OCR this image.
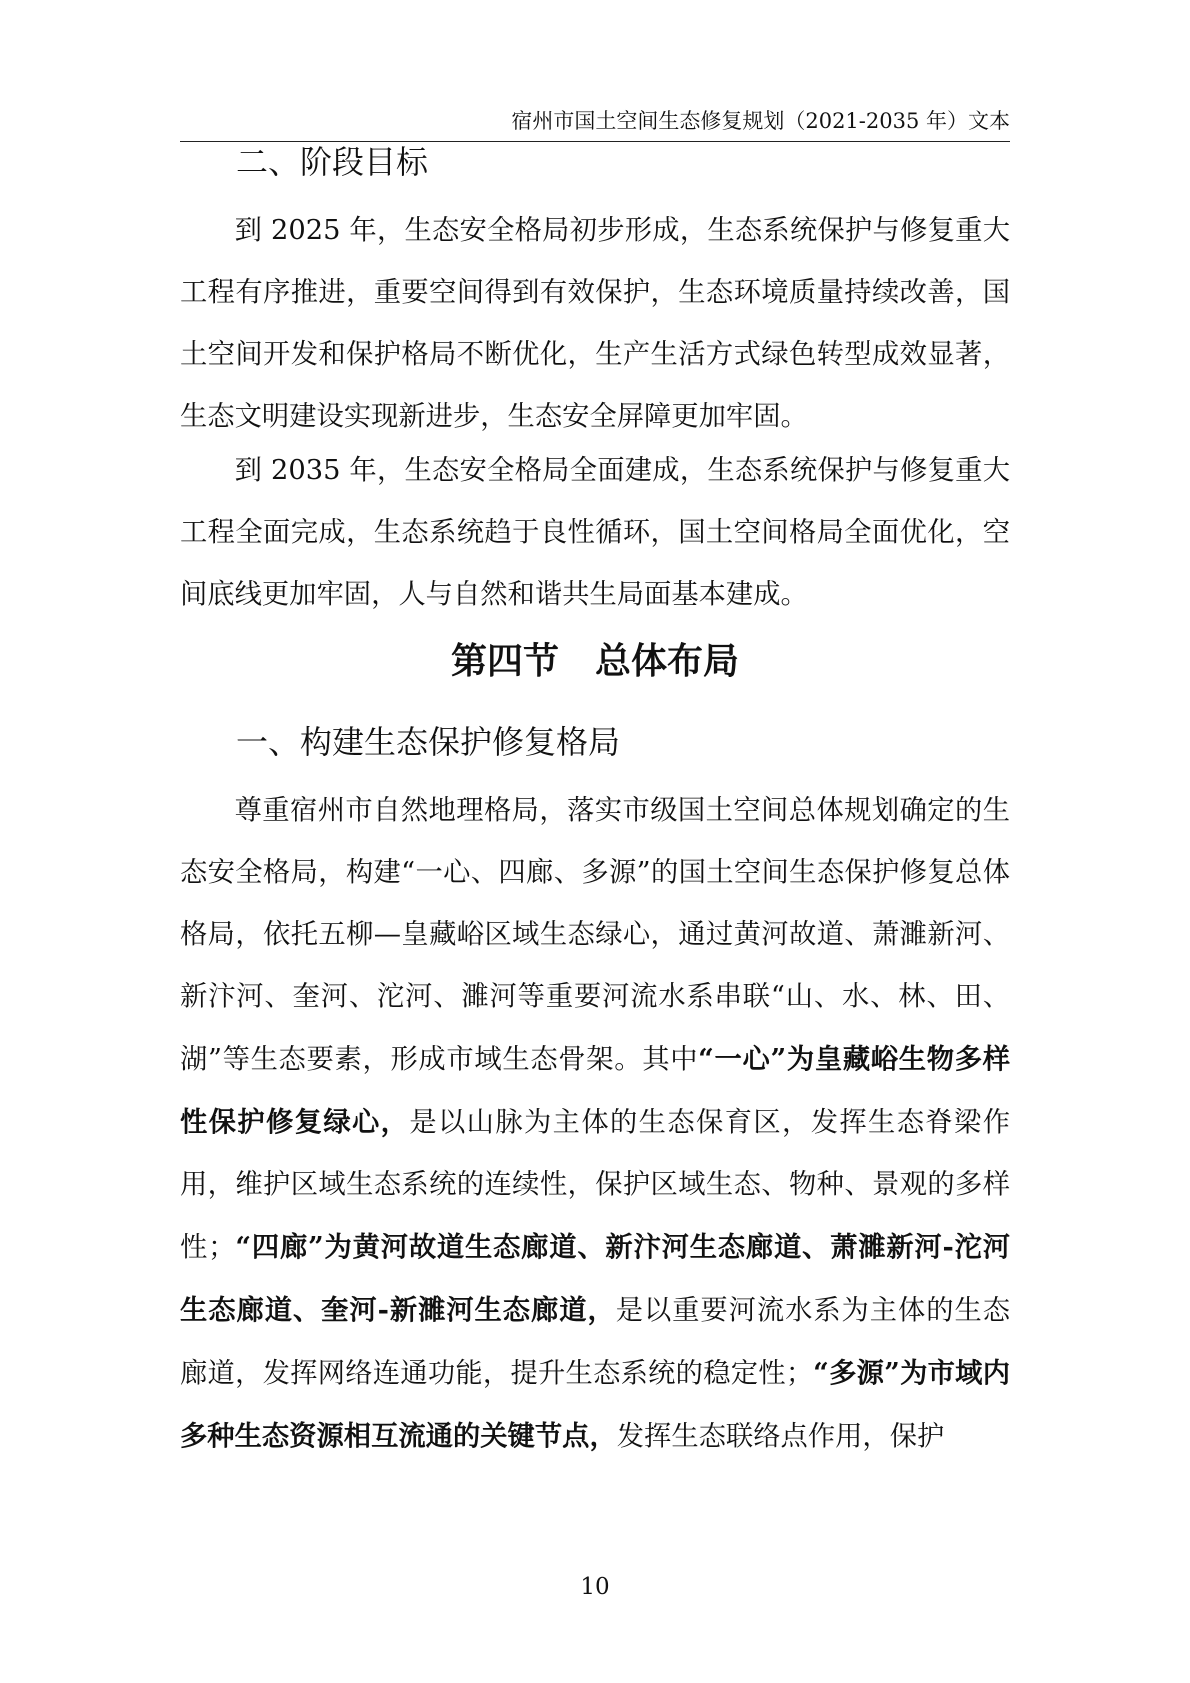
宿州市国土空间生态修复规划（2021-2035 年）文本
二、阶段目标

到 2025 年，生态安全格局初步形成，生态系统保护与修复重大工程有序推进，重要空间得到有效保护，生态环境质量持续改善，国土空间开发和保护格局不断优化，生产生活方式绿色转型成效显著，生态文明建设实现新进步，生态安全屏障更加牢固。

到 2035 年，生态安全格局全面建成，生态系统保护与修复重大工程全面完成，生态系统趋于良性循环，国土空间格局全面优化，空间底线更加牢固，人与自然和谐共生局面基本建成。

第四节　总体布局
一、构建生态保护修复格局

尊重宿州市自然地理格局，落实市级国土空间总体规划确定的生态安全格局，构建“一心、四廊、多源”的国土空间生态保护修复总体格局，依托五柳—皇藏峪区域生态绿心，通过黄河故道、萧濉新河、新汴河、奎河、沱河、濉河等重要河流水系串联“山、水、林、田、湖”等生态要素，形成市域生态骨架。其中“一心”为皇藏峪生物多样性保护修复绿心，是以山脉为主体的生态保育区，发挥生态脊梁作用，维护区域生态系统的连续性，保护区域生态、物种、景观的多样性；“四廊”为黄河故道生态廊道、新汴河生态廊道、萧濉新河-沱河生态廊道、奎河-新濉河生态廊道，是以重要河流水系为主体的生态廊道，发挥网络连通功能，提升生态系统的稳定性；“多源”为市域内多种生态资源相互流通的关键节点，发挥生态联络点作用，保护

10
